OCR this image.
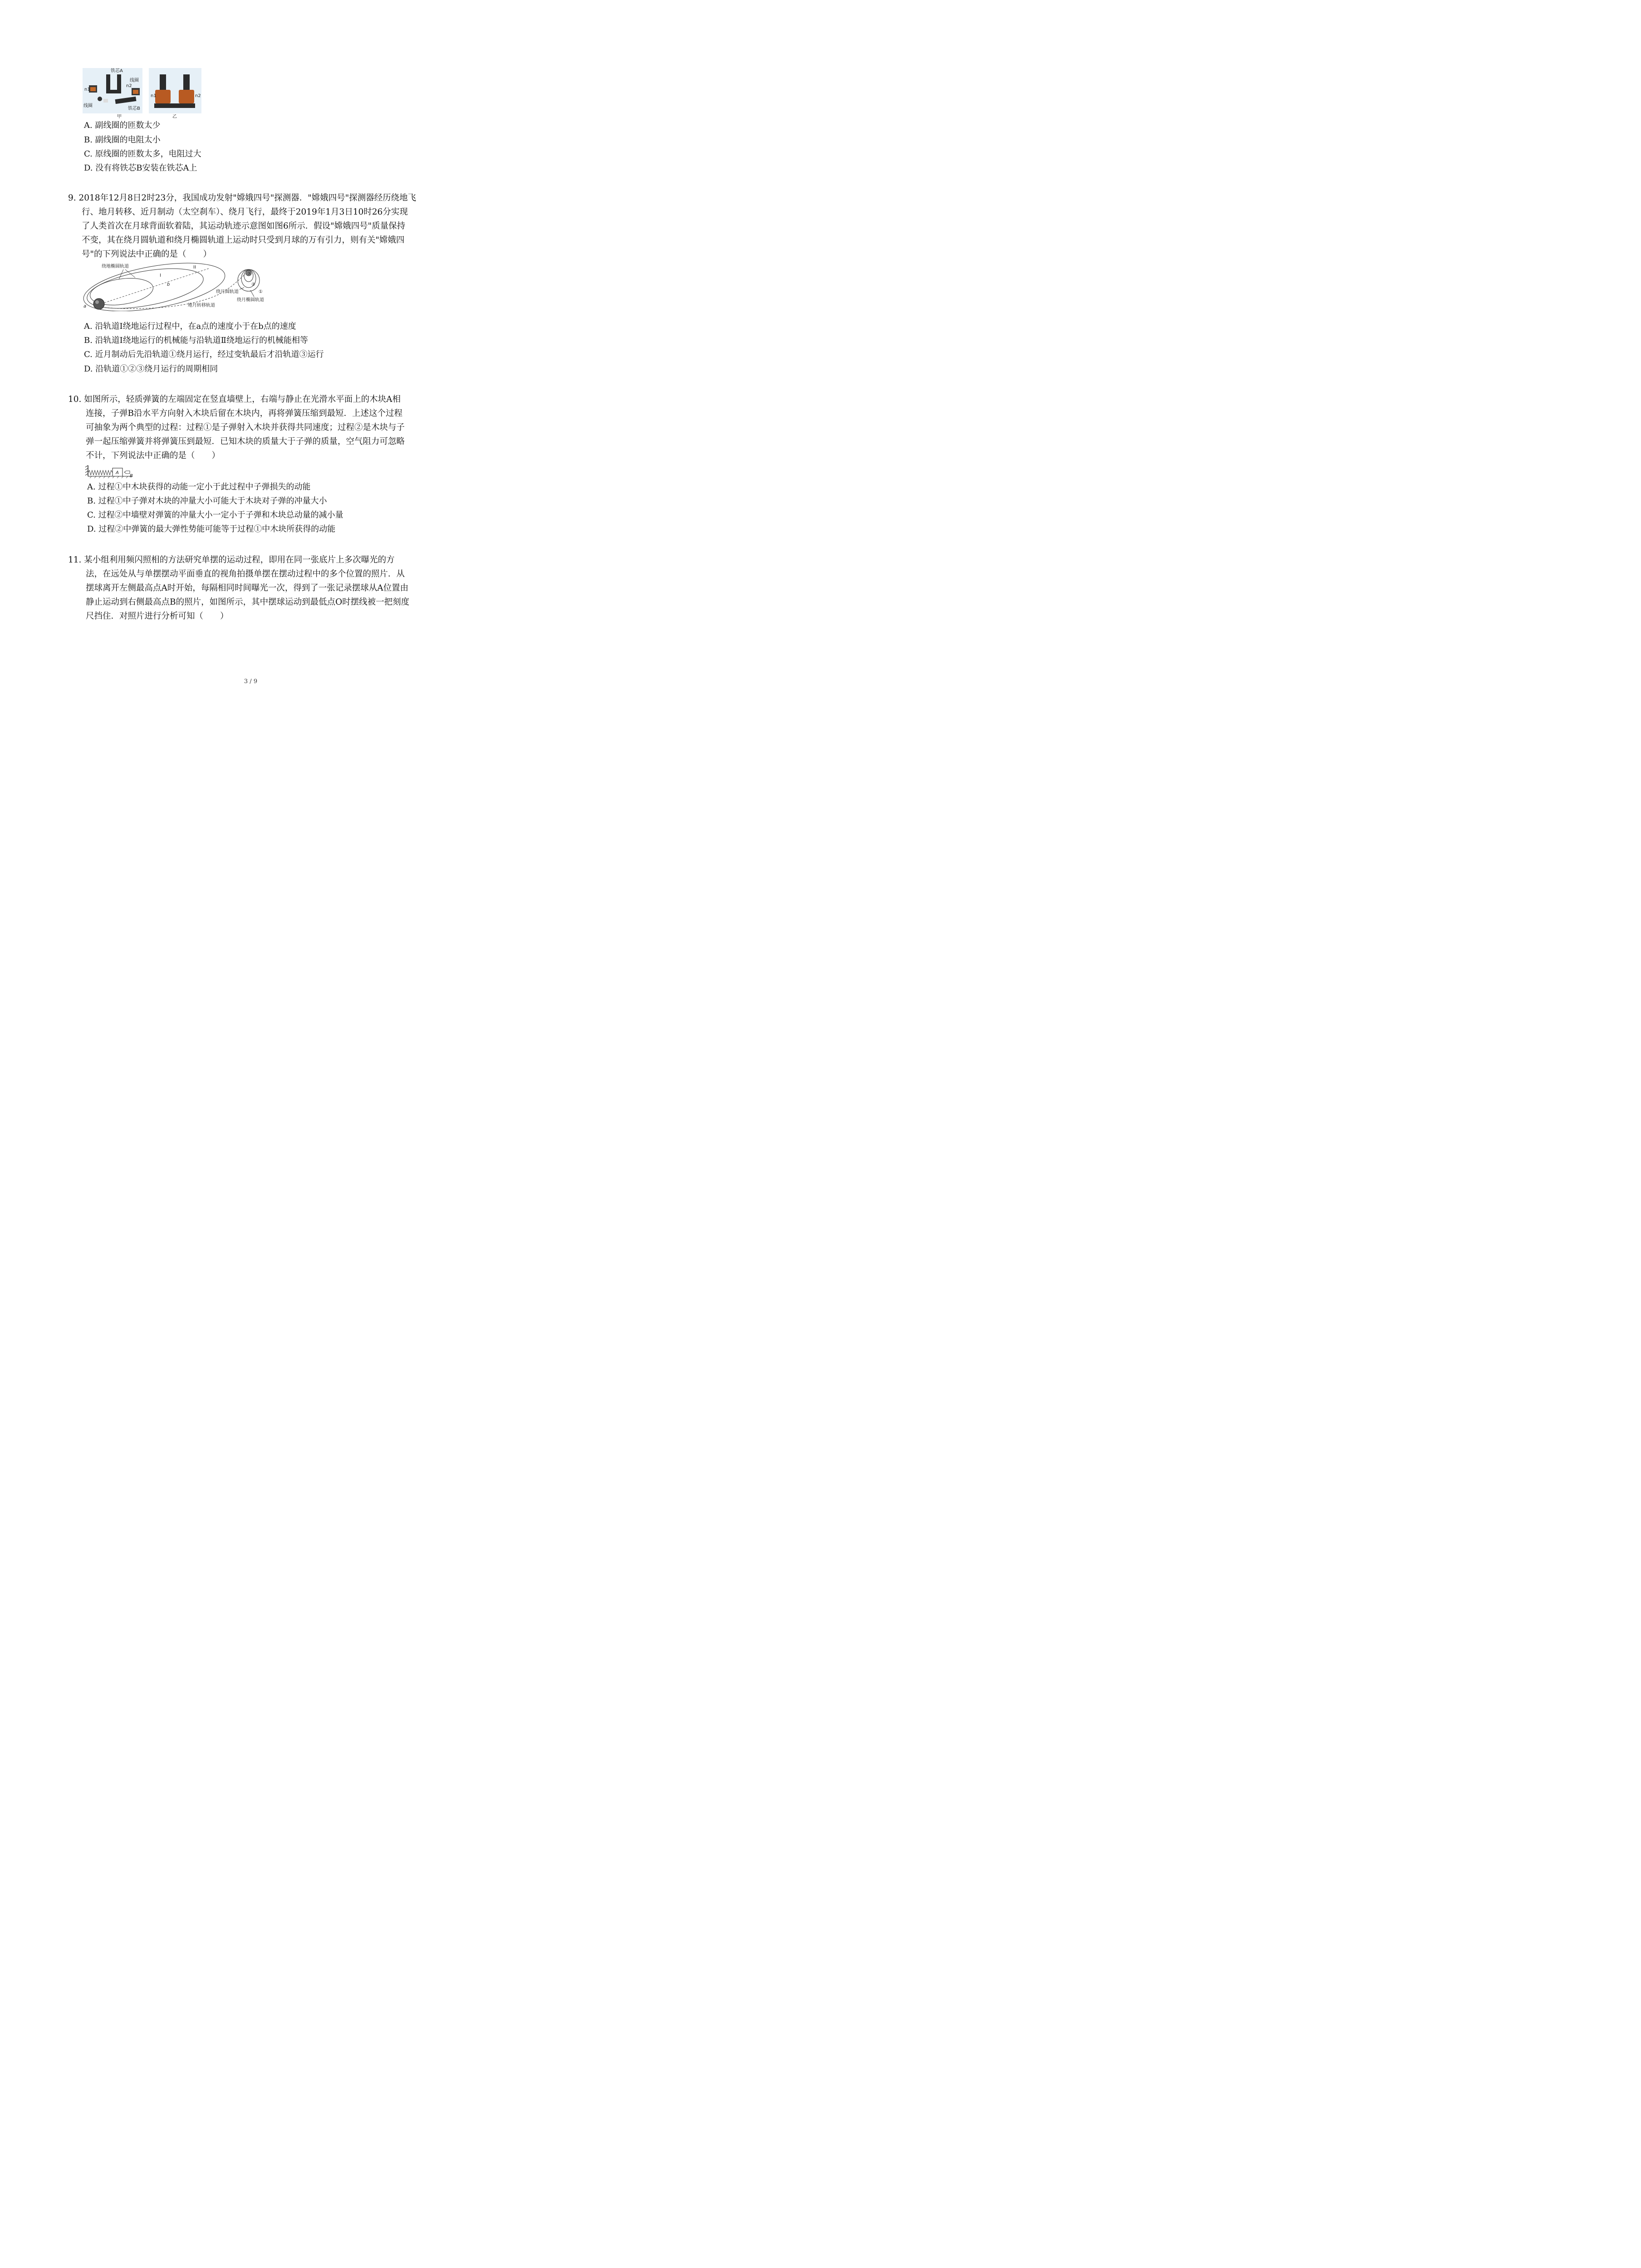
铁芯A
线圈
n1
n2
线圈
铁芯B
甲
n1	n2
乙
A. 副线圈的匝数太少
B. 副线圈的电阻太小
C. 原线圈的匝数太多，电阻过大
D. 没有将铁芯B安装在铁芯A上
9. 2018年12月8日2时23分，我国成功发射"嫦娥四号"探测器．"嫦娥四号"探测器经历绕地飞
行、地月转移、近月制动（太空刹车）、绕月飞行，最终于2019年1月3日10时26分实现
了人类首次在月球背面软着陆，其运动轨迹示意图如图6所示．假设"嫦娥四号"质量保持
不变，其在绕月圆轨道和绕月椭圆轨道上运动时只受到月球的万有引力，则有关"嫦娥四
号"的下列说法中正确的是（　　）
绕地椭圆轨道
I
II
a
b
地月转移轨道
绕月圆轨道
绕月椭圆轨道
①
②
③
A. 沿轨道Ⅰ绕地运行过程中，在a点的速度小于在b点的速度
B. 沿轨道Ⅰ绕地运行的机械能与沿轨道Ⅱ绕地运行的机械能相等
C. 近月制动后先沿轨道①绕月运行，经过变轨最后才沿轨道③运行
D. 沿轨道①②③绕月运行的周期相同
10. 如图所示，轻质弹簧的左端固定在竖直墙壁上，右端与静止在光滑水平面上的木块A相
连接，子弹B沿水平方向射入木块后留在木块内，再将弹簧压缩到最短．上述这个过程
可抽象为两个典型的过程：过程①是子弹射入木块并获得共同速度；过程②是木块与子
弹一起压缩弹簧并将弹簧压到最短．已知木块的质量大于子弹的质量，空气阻力可忽略
不计，下列说法中正确的是（　　）
A
B
A. 过程①中木块获得的动能一定小于此过程中子弹损失的动能
B. 过程①中子弹对木块的冲量大小可能大于木块对子弹的冲量大小
C. 过程②中墙壁对弹簧的冲量大小一定小于子弹和木块总动量的减小量
D. 过程②中弹簧的最大弹性势能可能等于过程①中木块所获得的动能
11. 某小组利用频闪照相的方法研究单摆的运动过程，即用在同一张底片上多次曝光的方
法，在远处从与单摆摆动平面垂直的视角拍摄单摆在摆动过程中的多个位置的照片．从
摆球离开左侧最高点A时开始，每隔相同时间曝光一次，得到了一张记录摆球从A位置由
静止运动到右侧最高点B的照片，如图所示，其中摆球运动到最低点O时摆线被一把刻度
尺挡住．对照片进行分析可知（　　）
3 / 9
